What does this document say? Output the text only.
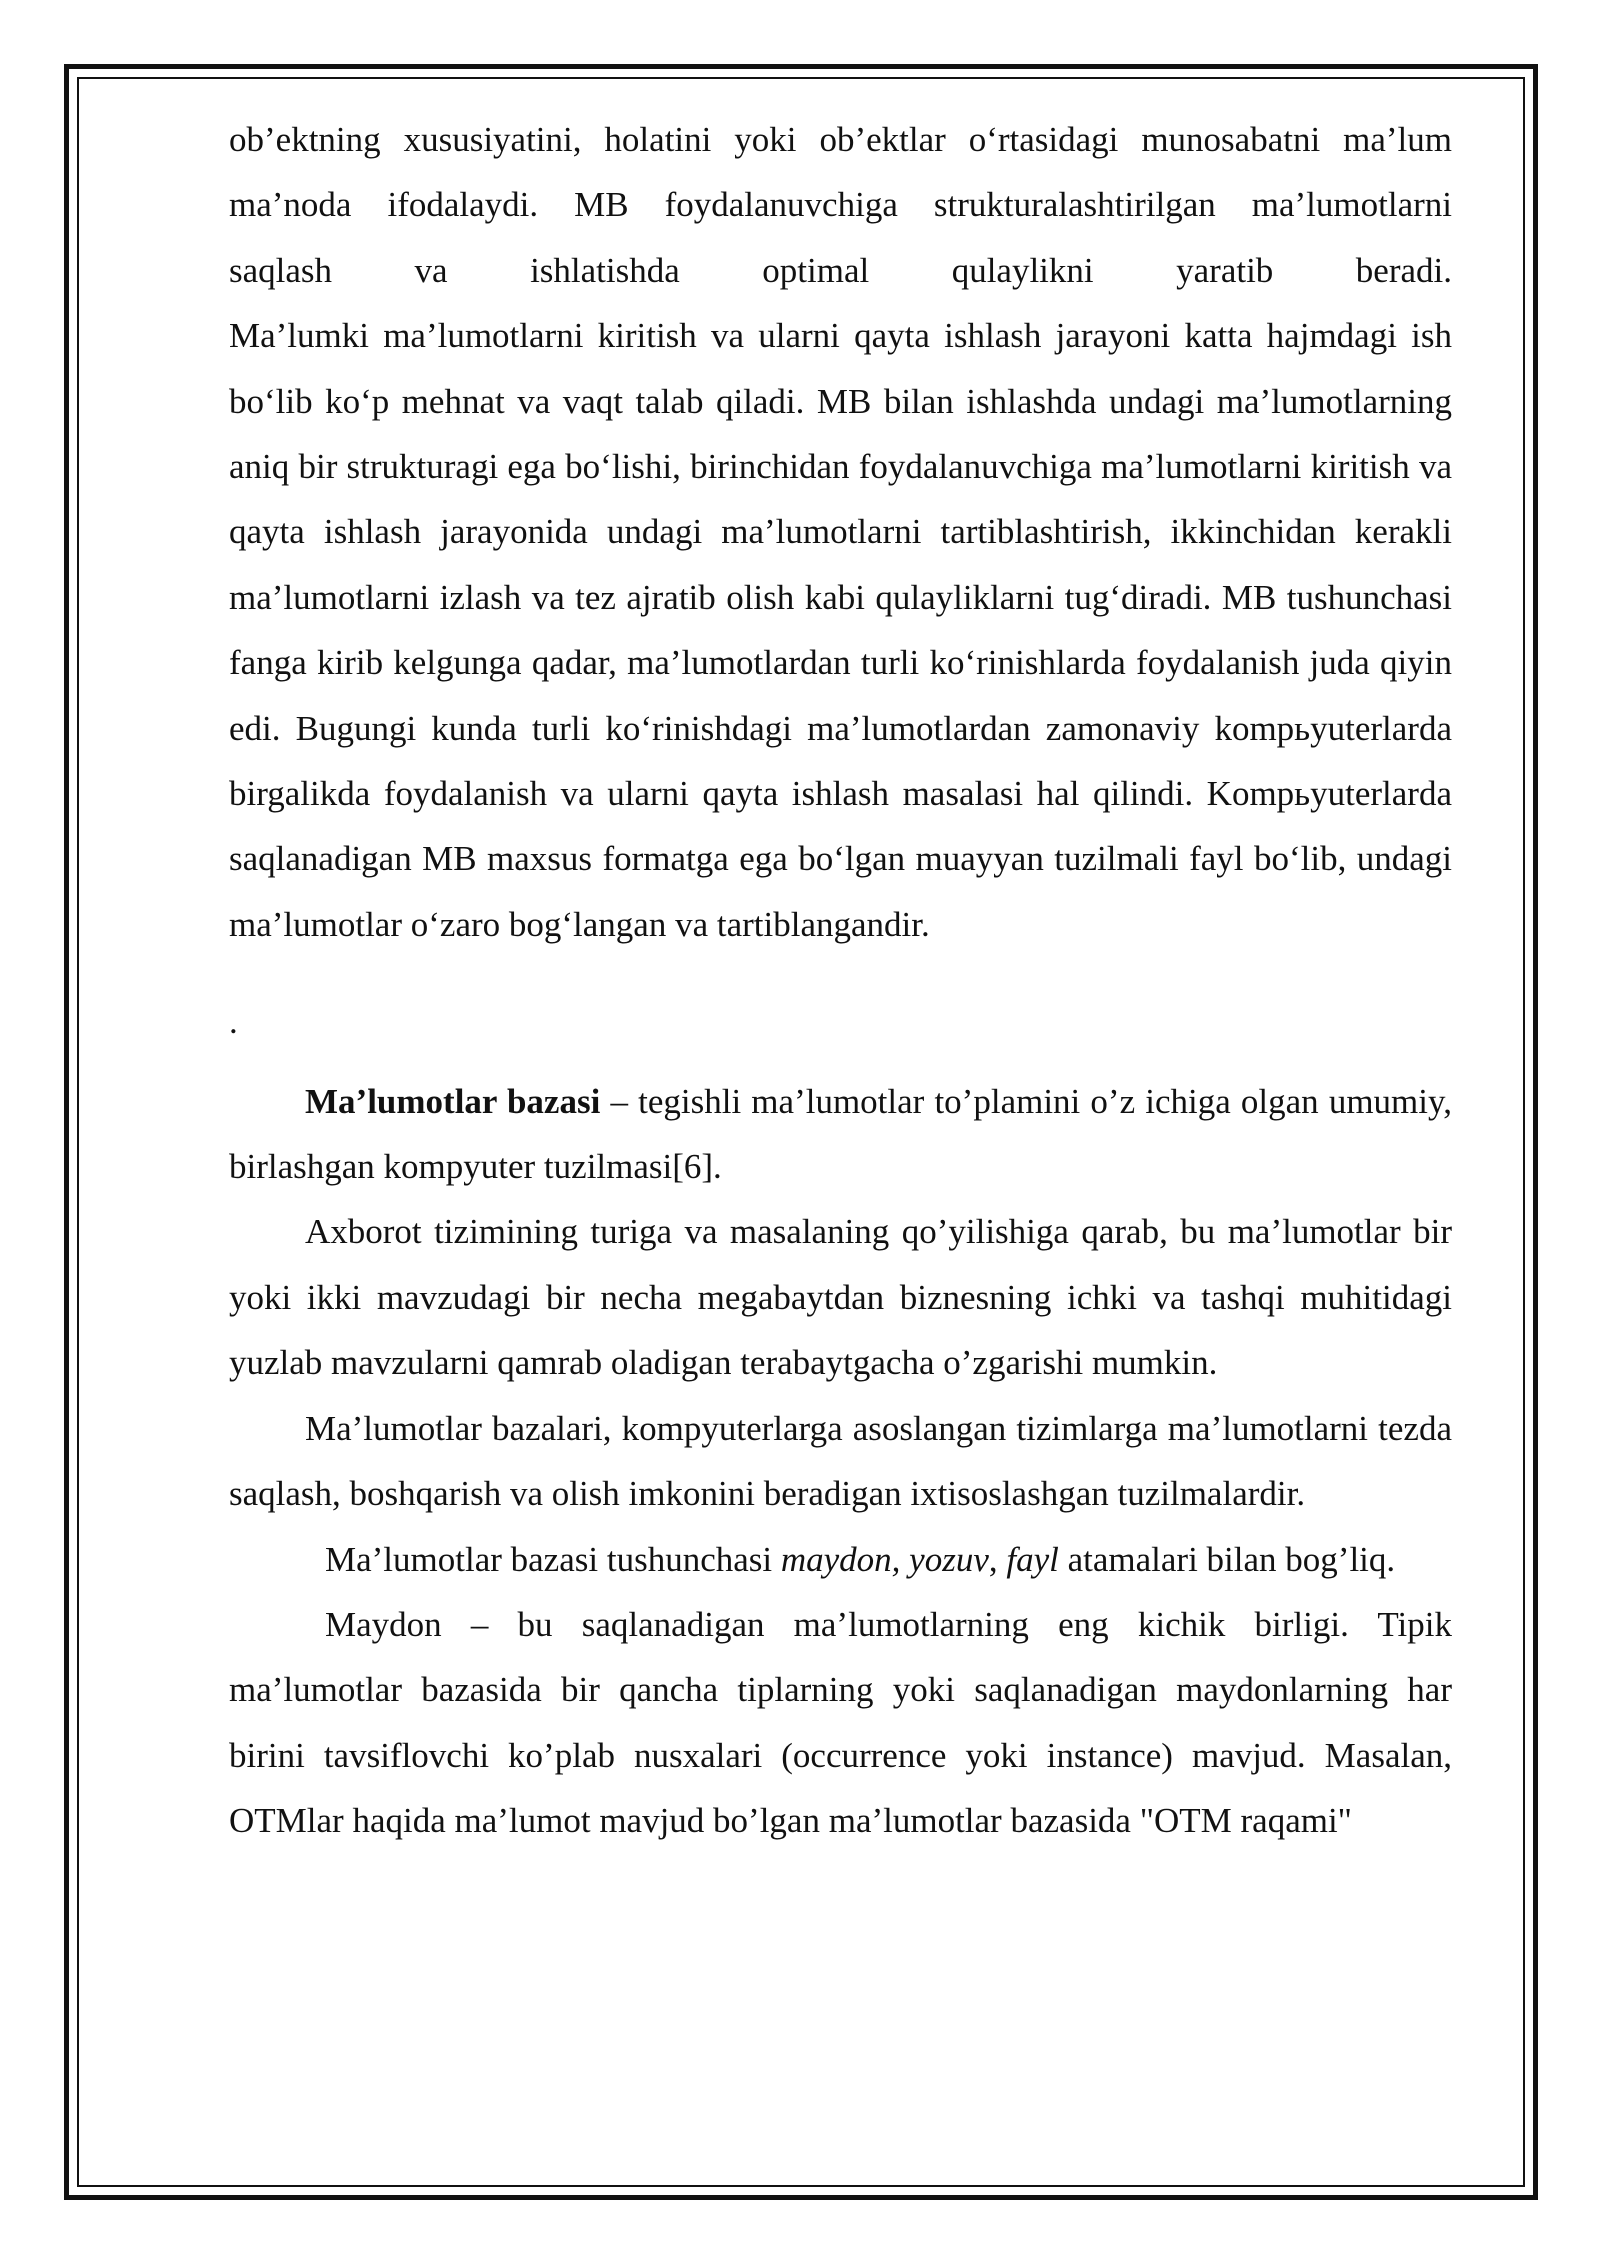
ob’ektning xususiyatini, holatini yoki ob’ektlar o‘rtasidagi munosabatni ma’lum

ma’noda ifodalaydi. MB foydalanuvchiga strukturalashtirilgan ma’lumotlarni

saqlash va ishlatishda optimal qulaylikni yaratib beradi.

Ma’lumki ma’lumotlarni kiritish va ularni qayta ishlash jarayoni katta hajmdagi ish bo‘lib ko‘p mehnat va vaqt talab qiladi. MB bilan ishlashda undagi ma’lumotlarning aniq bir strukturagi ega bo‘lishi, birinchidan foydalanuvchiga ma’lumotlarni kiritish va qayta ishlash jarayonida undagi ma’lumotlarni tartiblashtirish, ikkinchidan kerakli ma’lumotlarni izlash va tez ajratib olish kabi qulayliklarni tug‘diradi. MB tushunchasi fanga kirib kelgunga qadar, ma’lumotlardan turli ko‘rinishlarda foydalanish juda qiyin edi. Bugungi kunda turli ko‘rinishdagi ma’lumotlardan zamonaviy kompьyuterlarda birgalikda foydalanish va ularni qayta ishlash masalasi hal qilindi. Kompьyuterlarda saqlanadigan MB maxsus formatga ega bo‘lgan muayyan tuzilmali fayl bo‘lib, undagi ma’lumotlar o‘zaro bog‘langan va tartiblangandir.

.

Ma’lumotlar bazasi – tegishli ma’lumotlar to’plamini o’z ichiga olgan umumiy, birlashgan kompyuter tuzilmasi[6].

Axborot tizimining turiga va masalaning qo’yilishiga qarab, bu ma’lumotlar bir yoki ikki mavzudagi bir necha megabaytdan biznesning ichki va tashqi muhitidagi yuzlab mavzularni qamrab oladigan terabaytgacha o’zgarishi mumkin.

Ma’lumotlar bazalari, kompyuterlarga asoslangan tizimlarga ma’lumotlarni tezda saqlash, boshqarish va olish imkonini beradigan ixtisoslashgan tuzilmalardir.

Ma’lumotlar bazasi tushunchasi maydon, yozuv, fayl atamalari bilan bog’liq.

Maydon – bu saqlanadigan ma’lumotlarning eng kichik birligi. Tipik ma’lumotlar bazasida bir qancha tiplarning yoki saqlanadigan maydonlarning har birini tavsiflovchi ko’plab nusxalari (occurrence yoki instance) mavjud. Masalan, OTMlar haqida ma’lumot mavjud bo’lgan ma’lumotlar bazasida "OTM raqami"
